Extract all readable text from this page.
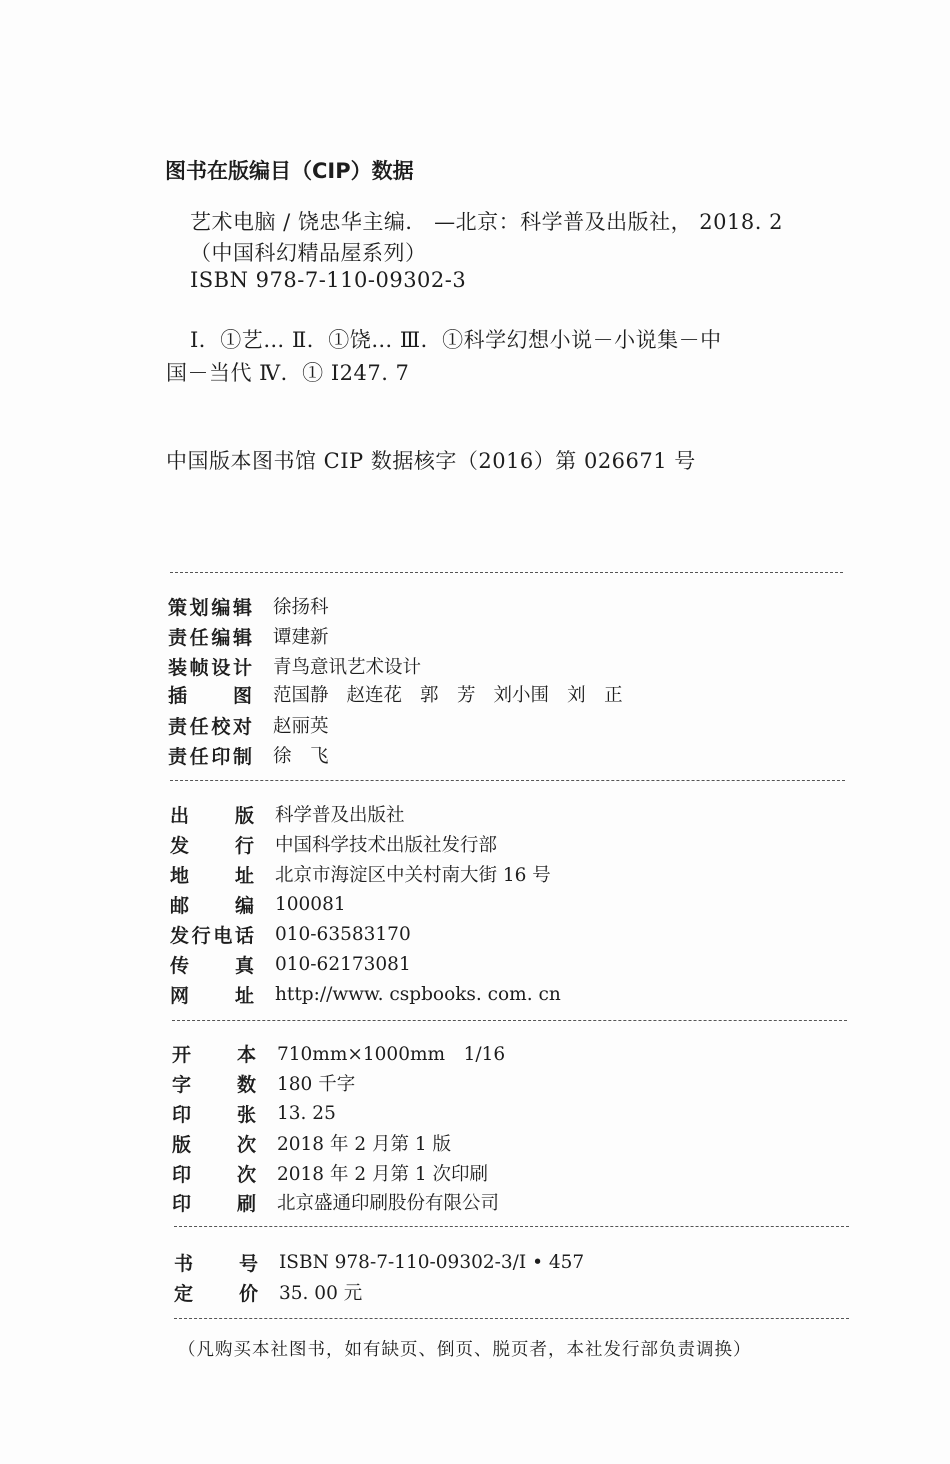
图书在版编目（CIP）数据
艺术电脑 / 饶忠华主编． —北京：科学普及出版社， 2018. 2
（中国科幻精品屋系列）
ISBN 978-7-110-09302-3
Ⅰ．①艺… Ⅱ．①饶… Ⅲ．①科学幻想小说－小说集－中
国－当代 Ⅳ．① I247. 7
中国版本图书馆 CIP 数据核字（2016）第 026671 号
策 划 编 辑 徐扬科
责 任 编 辑 谭建新
装 帧 设 计 青鸟意讯艺术设计
插 图 范国静 赵连花 郭　芳 刘小围 刘　正
责 任 校 对 赵丽英
责 任 印 制 徐　飞
出 版 科学普及出版社
发 行 中国科学技术出版社发行部
地 址 北京市海淀区中关村南大街 16 号
邮 编 100081
发 行 电 话 010-63583170
传 真 010-62173081
网 址 http://www. cspbooks. com. cn
开 本 710mm×1000mm　1/16
字 数 180 千字
印 张 13. 25
版 次 2018 年 2 月第 1 版
印 次 2018 年 2 月第 1 次印刷
印 刷 北京盛通印刷股份有限公司
书 号 ISBN 978-7-110-09302-3/I • 457
定 价 35. 00 元
（凡购买本社图书，如有缺页、倒页、脱页者，本社发行部负责调换）
